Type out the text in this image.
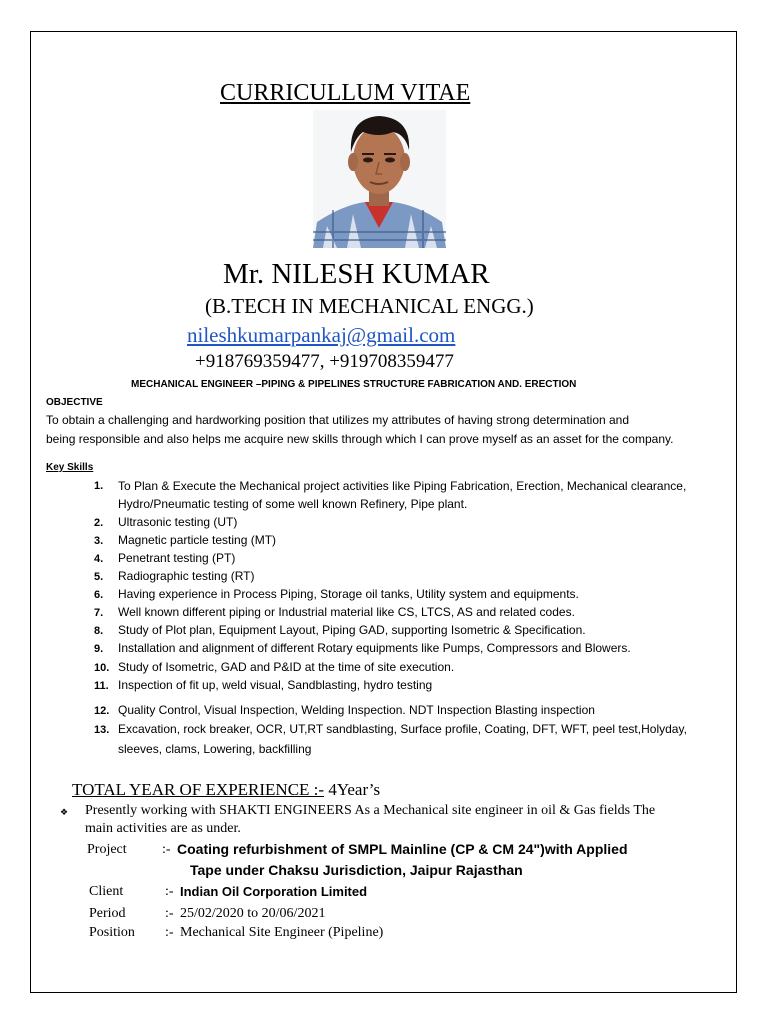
CURRICULLUM VITAE
Mr. NILESH KUMAR
(B.TECH IN MECHANICAL ENGG.)
nileshkumarpankaj@gmail.com
+918769359477, +919708359477
MECHANICAL ENGINEER –PIPING & PIPELINES STRUCTURE FABRICATION AND. ERECTION
OBJECTIVE
To obtain a challenging and hardworking position that utilizes my attributes of having strong determination and
being responsible and also helps me acquire new skills through which I can prove myself as an asset for the company.
Key Skills
1.	To Plan & Execute the Mechanical project activities like Piping Fabrication, Erection, Mechanical clearance,
Hydro/Pneumatic testing of some well known Refinery, Pipe plant.
2.	Ultrasonic testing (UT)
3.	Magnetic particle testing (MT)
4.	Penetrant testing (PT)
5.	Radiographic testing (RT)
6.	Having experience in Process Piping, Storage oil tanks, Utility system and equipments.
7.	Well known different piping or Industrial material like CS, LTCS, AS and related codes.
8.	Study of Plot plan, Equipment Layout, Piping GAD, supporting Isometric & Specification.
9.	Installation and alignment of different Rotary equipments like Pumps, Compressors and Blowers.
10. Study of Isometric, GAD and P&ID at the time of site execution.
11. Inspection of fit up, weld visual, Sandblasting, hydro testing
12. Quality Control, Visual Inspection, Welding Inspection. NDT Inspection Blasting inspection
13. Excavation, rock breaker, OCR, UT,RT sandblasting, Surface profile, Coating, DFT, WFT, peel test,Holyday,
sleeves, clams, Lowering, backfilling
TOTAL YEAR OF EXPERIENCE :- 4Year’s
❖ Presently working with SHAKTI ENGINEERS As a Mechanical site engineer in oil & Gas fields The
main activities are as under.
Project	:- Coating refurbishment of SMPL Mainline (CP & CM 24")with Applied
Tape under Chaksu Jurisdiction, Jaipur Rajasthan
Client	:- Indian Oil Corporation Limited
Period	:- 25/02/2020 to 20/06/2021
Position :- Mechanical Site Engineer (Pipeline)
